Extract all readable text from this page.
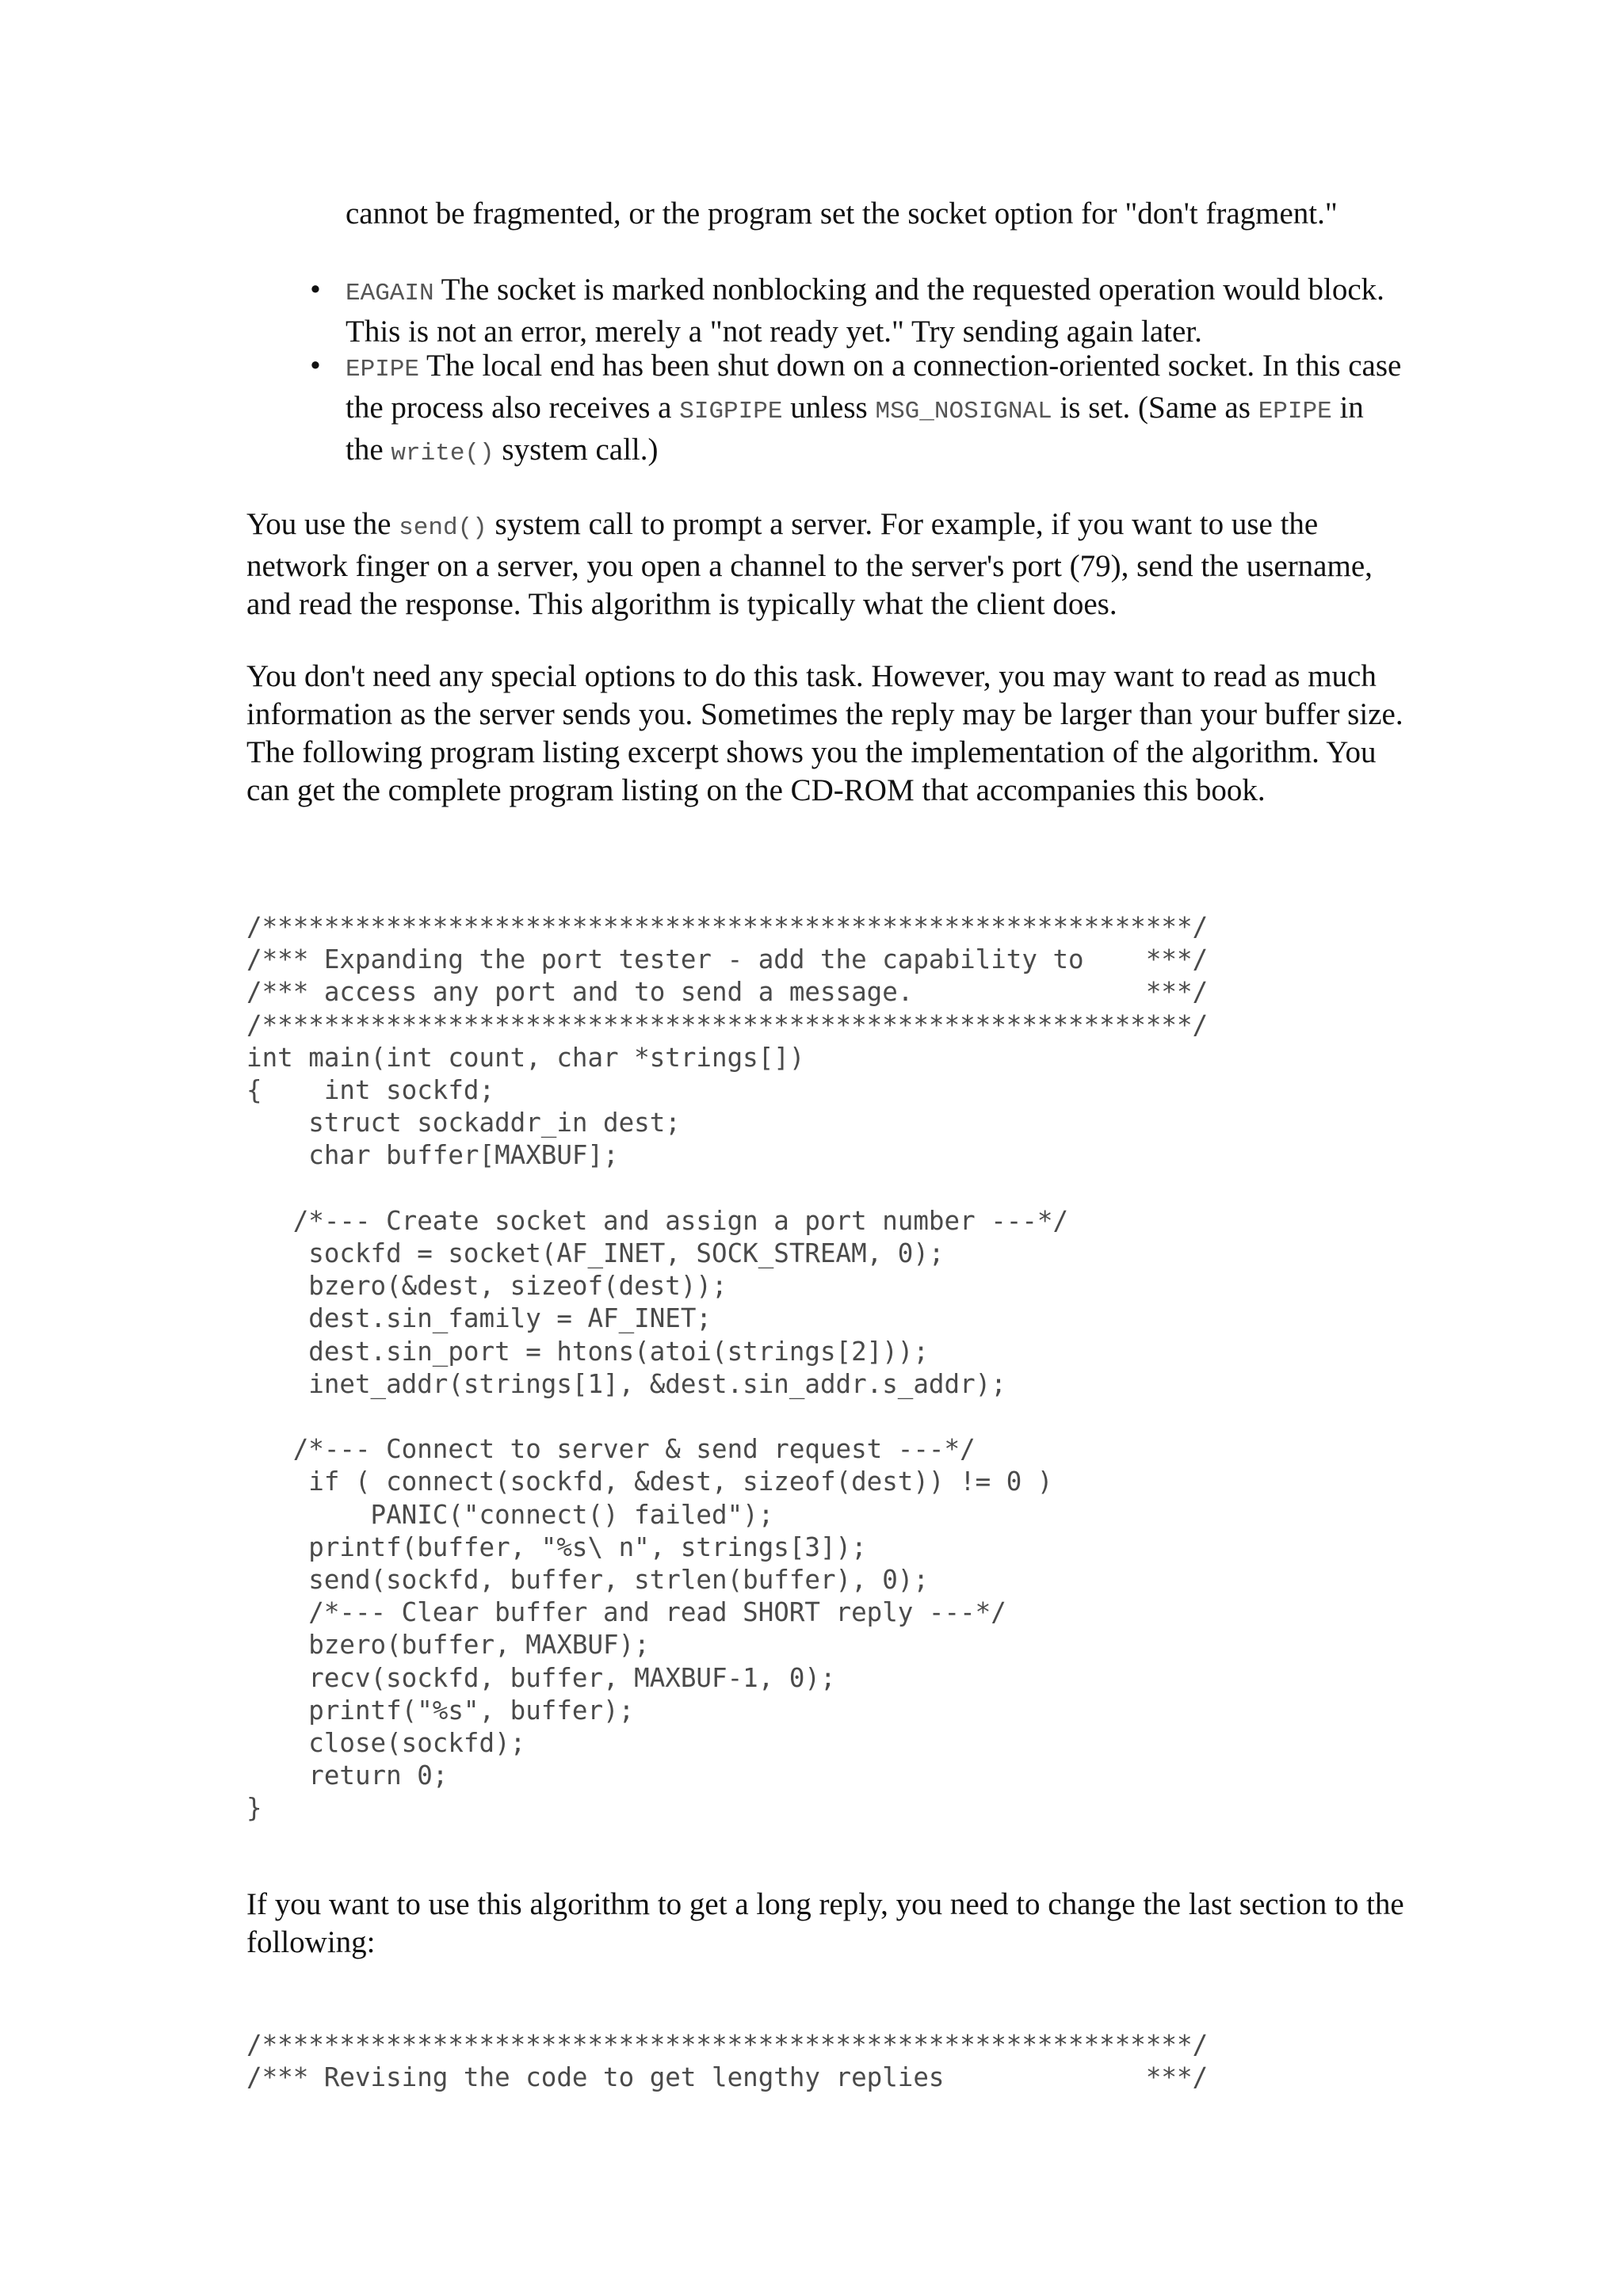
cannot be fragmented, or the program set the socket option for "don't fragment."

•	EAGAIN The socket is marked nonblocking and the requested operation would block. This is not an error, merely a "not ready yet." Try sending again later.

•	EPIPE The local end has been shut down on a connection-oriented socket. In this case the process also receives a SIGPIPE unless MSG_NOSIGNAL is set. (Same as EPIPE in the write() system call.)

You use the send() system call to prompt a server. For example, if you want to use the network finger on a server, you open a channel to the server's port (79), send the username, and read the response. This algorithm is typically what the client does.

You don't need any special options to do this task. However, you may want to read as much information as the server sends you. Sometimes the reply may be larger than your buffer size. The following program listing excerpt shows you the implementation of the algorithm. You can get the complete program listing on the CD-ROM that accompanies this book.

/************************************************************/
/*** Expanding the port tester - add the capability to    ***/
/*** access any port and to send a message.               ***/
/************************************************************/
int main(int count, char *strings[])
{    int sockfd;
struct sockaddr_in dest;
char buffer[MAXBUF];

/*--- Create socket and assign a port number ---*/
sockfd = socket(AF_INET, SOCK_STREAM, 0);
bzero(&dest, sizeof(dest));
dest.sin_family = AF_INET;
dest.sin_port = htons(atoi(strings[2]));
inet_addr(strings[1], &dest.sin_addr.s_addr);

/*--- Connect to server & send request ---*/
if ( connect(sockfd, &dest, sizeof(dest)) != 0 )
PANIC("connect() failed");
printf(buffer, "%s\ n", strings[3]);
send(sockfd, buffer, strlen(buffer), 0);
/*--- Clear buffer and read SHORT reply ---*/
bzero(buffer, MAXBUF);
recv(sockfd, buffer, MAXBUF-1, 0);
printf("%s", buffer);
close(sockfd);
return 0;
}

If you want to use this algorithm to get a long reply, you need to change the last section to the following:

/************************************************************/
/*** Revising the code to get lengthy replies             ***/
